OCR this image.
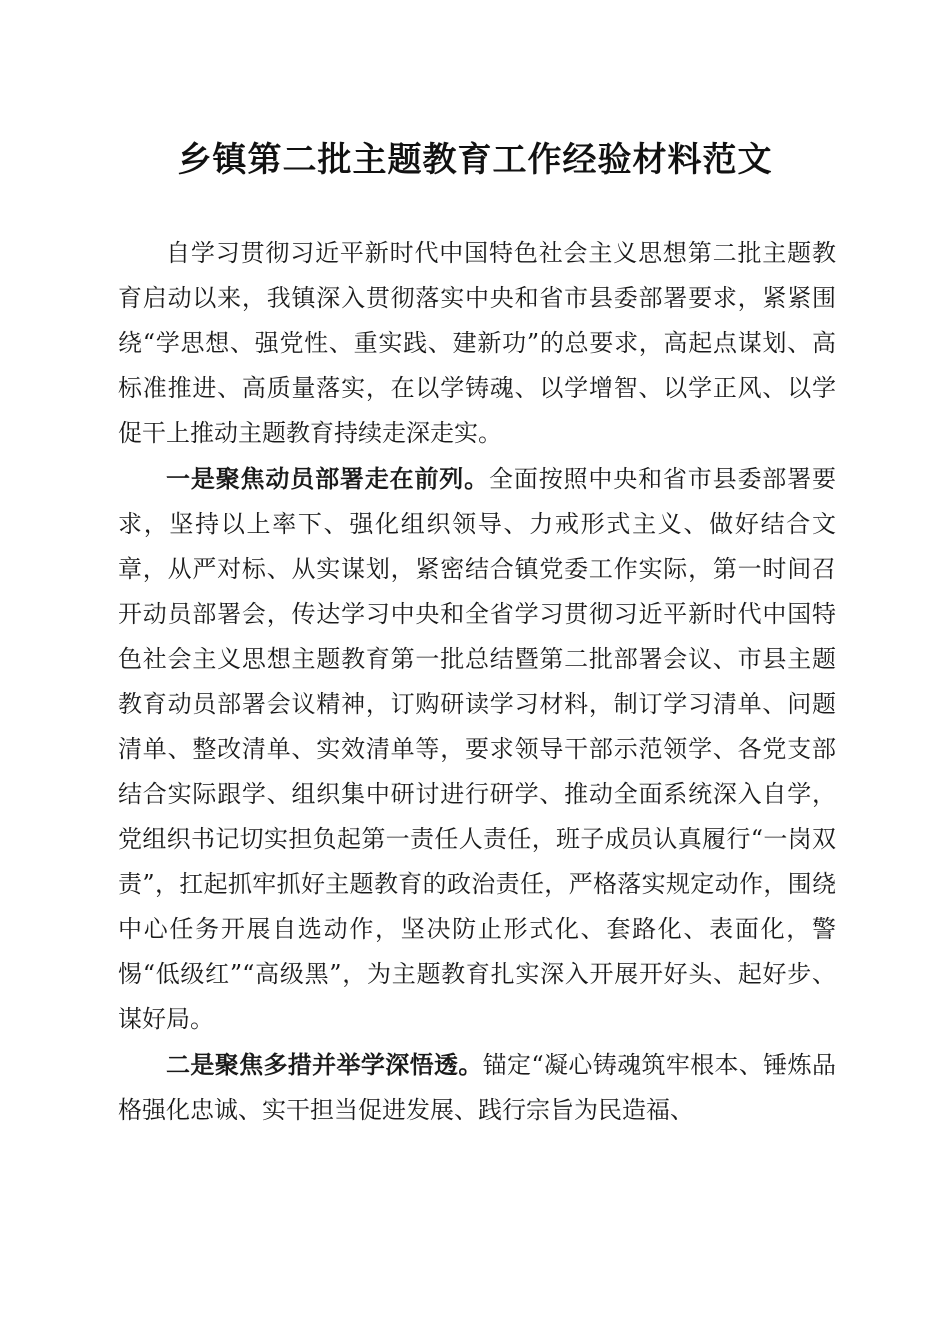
乡镇第二批主题教育工作经验材料范文

自学习贯彻习近平新时代中国特色社会主义思想第二批主题教育启动以来，我镇深入贯彻落实中央和省市县委部署要求，紧紧围绕“学思想、强党性、重实践、建新功”的总要求，高起点谋划、高标准推进、高质量落实，在以学铸魂、以学增智、以学正风、以学促干上推动主题教育持续走深走实。

一是聚焦动员部署走在前列。全面按照中央和省市县委部署要求，坚持以上率下、强化组织领导、力戒形式主义、做好结合文章，从严对标、从实谋划，紧密结合镇党委工作实际，第一时间召开动员部署会，传达学习中央和全省学习贯彻习近平新时代中国特色社会主义思想主题教育第一批总结暨第二批部署会议、市县主题教育动员部署会议精神，订购研读学习材料，制订学习清单、问题清单、整改清单、实效清单等，要求领导干部示范领学、各党支部结合实际跟学、组织集中研讨进行研学、推动全面系统深入自学，党组织书记切实担负起第一责任人责任，班子成员认真履行“一岗双责”，扛起抓牢抓好主题教育的政治责任，严格落实规定动作，围绕中心任务开展自选动作，坚决防止形式化、套路化、表面化，警惕“低级红”“高级黑”，为主题教育扎实深入开展开好头、起好步、谋好局。

二是聚焦多措并举学深悟透。锚定“凝心铸魂筑牢根本、锤炼品格强化忠诚、实干担当促进发展、践行宗旨为民造福、
